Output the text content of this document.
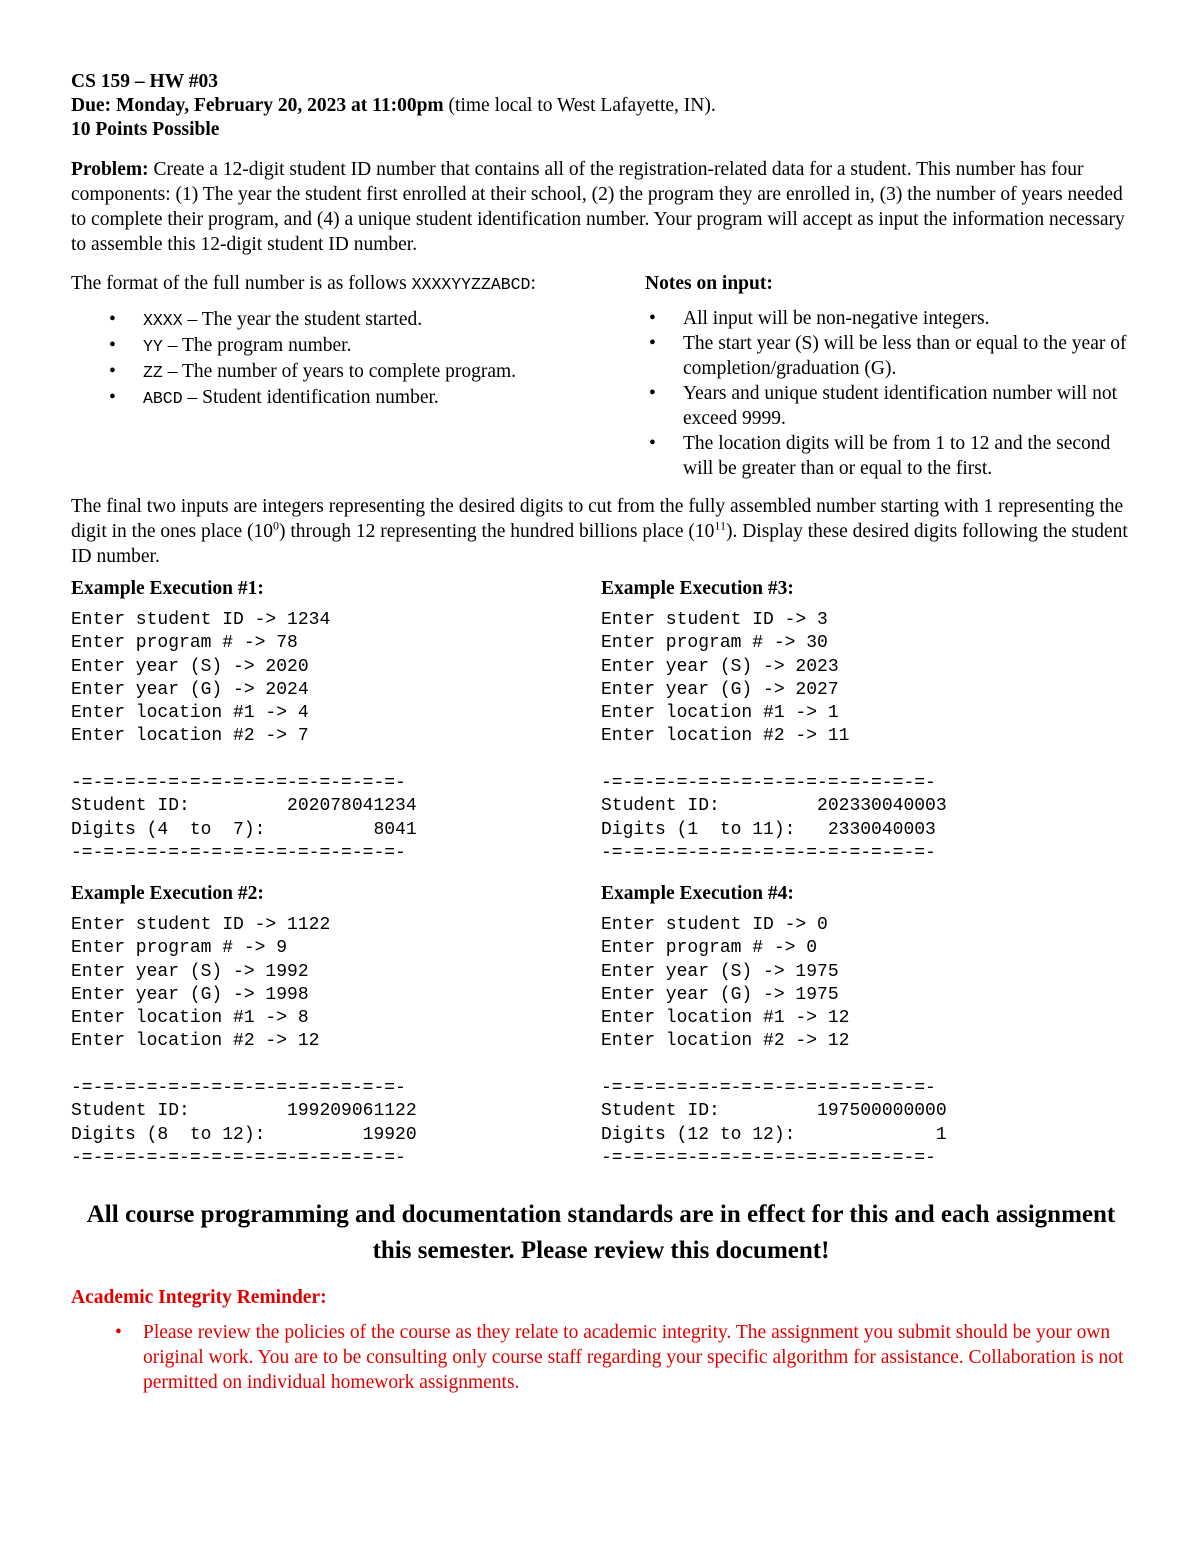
CS 159 – HW #03
Due: Monday, February 20, 2023 at 11:00pm (time local to West Lafayette, IN).
10 Points Possible
Problem: Create a 12-digit student ID number that contains all of the registration-related data for a student. This number has four components: (1) The year the student first enrolled at their school, (2) the program they are enrolled in, (3) the number of years needed to complete their program, and (4) a unique student identification number. Your program will accept as input the information necessary to assemble this 12-digit student ID number.
The format of the full number is as follows XXXXYYZZABCD:
• XXXX – The year the student started.
• YY – The program number.
• ZZ – The number of years to complete program.
• ABCD – Student identification number.
Notes on input:
• All input will be non-negative integers.
• The start year (S) will be less than or equal to the year of completion/graduation (G).
• Years and unique student identification number will not exceed 9999.
• The location digits will be from 1 to 12 and the second will be greater than or equal to the first.
The final two inputs are integers representing the desired digits to cut from the fully assembled number starting with 1 representing the digit in the ones place $(10^0)$ through 12 representing the hundred billions place $(10^{11})$. Display these desired digits following the student ID number.
Example Execution #1:
Enter student ID -> 1234
Enter program # -> 78
Enter year (S) -> 2020
Enter year (G) -> 2024
Enter location #1 -> 4
Enter location #2 -> 7

-=-=-=-=-=-=-=-=-=-=-=-=-=-=-=-
Student ID:         202078041234
Digits (4  to  7):          8041
-=-=-=-=-=-=-=-=-=-=-=-=-=-=-=-
Example Execution #2:
Enter student ID -> 1122
Enter program # -> 9
Enter year (S) -> 1992
Enter year (G) -> 1998
Enter location #1 -> 8
Enter location #2 -> 12

-=-=-=-=-=-=-=-=-=-=-=-=-=-=-=-
Student ID:         199209061122
Digits (8  to 12):         19920
-=-=-=-=-=-=-=-=-=-=-=-=-=-=-=-
Example Execution #3:
Enter student ID -> 3
Enter program # -> 30
Enter year (S) -> 2023
Enter year (G) -> 2027
Enter location #1 -> 1
Enter location #2 -> 11

-=-=-=-=-=-=-=-=-=-=-=-=-=-=-=-
Student ID:         202330040003
Digits (1  to 11):   2330040003
-=-=-=-=-=-=-=-=-=-=-=-=-=-=-=-
Example Execution #4:
Enter student ID -> 0
Enter program # -> 0
Enter year (S) -> 1975
Enter year (G) -> 1975
Enter location #1 -> 12
Enter location #2 -> 12

-=-=-=-=-=-=-=-=-=-=-=-=-=-=-=-
Student ID:         197500000000
Digits (12 to 12):             1
-=-=-=-=-=-=-=-=-=-=-=-=-=-=-=-
All course programming and documentation standards are in effect for this and each assignment this semester. Please review this document!
Academic Integrity Reminder:
• Please review the policies of the course as they relate to academic integrity. The assignment you submit should be your own original work. You are to be consulting only course staff regarding your specific algorithm for assistance. Collaboration is not permitted on individual homework assignments.
